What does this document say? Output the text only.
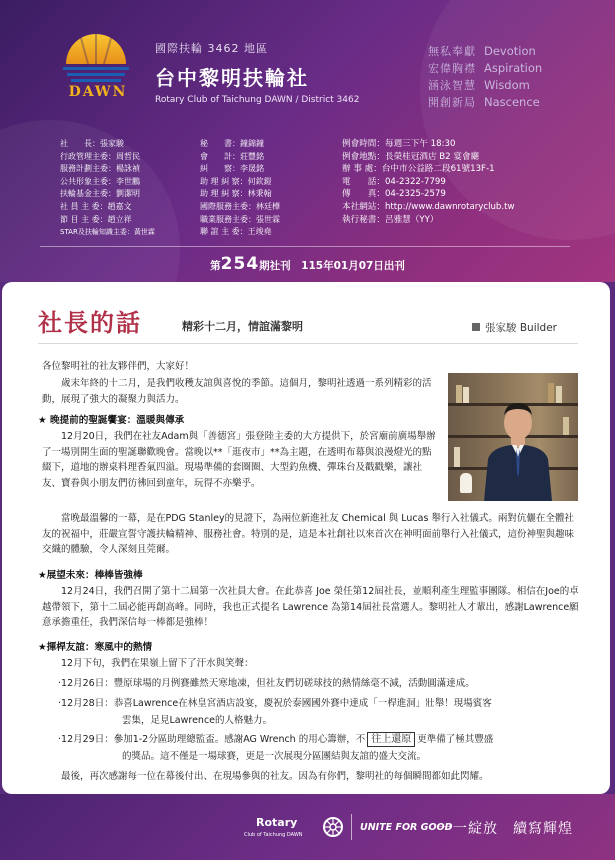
DAWN
國際扶輪 3462 地區
台中黎明扶輪社
Rotary Club of Taichung DAWN / District 3462
無私奉獻 Devotion
宏偉胸襟 Aspiration
涵泳智慧 Wisdom
開創新局 Nascence
社　　長：張家駿
行政管理主委：周哲民
服務計劃主委：楊詠禎
公共形象主委：李世鵬
扶輪基金主委：劉潔明
社 員 主 委：趙嘉文
節 目 主 委：趙立祥
STAR及扶輪知識主委：黃世霖
秘　　書：鐘錦鐘
會　　計：莊豐銘
糾　　察：李晟銘
助 理 糾 察：何欽鎧
助 理 糾 察：林秉翰
國際服務主委：林廷樺
職業服務主委：張世霖
聯 誼 主 委：王竣堯
例會時間：每週三下午 18:30
例會地點：長榮桂冠酒店 B2 宴會廳
辦 事 處：台中市公益路二段61號13F-1
電　　話：04-2322-7799
傳　　真：04-2325-2579
本社網站：http://www.dawnrotaryclub.tw
執行秘書：呂雅慧（YY）
第254期社刊　115年01月07日出刊
社長的話	精彩十二月，情誼滿黎明	張家駿 Builder
各位黎明社的社友夥伴們，大家好！
歲末年終的十二月，是我們收穫友誼與喜悅的季節。這個月，黎明社透過一系列精彩的活動，展現了強大的凝聚力與活力。
★ 晚提前的聖誕饗宴：溫暖與傳承
12月20日，我們在社友Adam與「善德宮」張登陸主委的大方提供下，於宮廟前廣場舉辦了一場別開生面的聖誕聯歡晚會。當晚以**「逛夜市」**為主題，在透明布幕與浪漫燈光的點綴下，道地的辦桌料理香氣四溢。現場準備的套圈圈、大型釣魚機、彈珠台及戳戳樂，讓社友、寶眷與小朋友們彷彿回到童年，玩得不亦樂乎。
當晚最溫馨的一幕，是在PDG Stanley的見證下，為兩位新進社友 Chemical 與 Lucas 舉行入社儀式。兩對伉儷在全體社友的祝福中，莊嚴宣誓守護扶輪精神、服務社會。特別的是，這是本社創社以來首次在神明面前舉行入社儀式，這份神聖與趣味交織的體驗，令人深刻且莞爾。
★展望未來：棒棒皆強棒
12月24日，我們召開了第十二屆第一次社員大會。在此恭喜 Joe 榮任第12屆社長，並順利產生理監事團隊。相信在Joe的卓越帶領下，第十二屆必能再創高峰。同時，我也正式提名 Lawrence 為第14屆社長當選人。黎明社人才輩出，感謝Lawrence願意承擔重任，我們深信每一棒都是強棒！
★揮桿友誼：寒風中的熱情
12月下旬，我們在果嶺上留下了汗水與笑聲：
‧12月26日：豐原球場的月例賽雖然天寒地凍，但社友們切磋球技的熱情絲毫不減，活動圓滿達成。
‧12月28日：恭喜Lawrence在林皇宮酒店設宴，慶祝於泰國國外賽中達成「一桿進洞」壯舉！現場賓客
雲集，足見Lawrence的人格魅力。
‧12月29日：參加1-2分區助理總監盃。感謝AG Wrench 的用心籌辦，不 往上還原 更準備了極其豐盛
的獎品。這不僅是一場球賽，更是一次展現分區團結與友誼的盛大交流。
最後，再次感謝每一位在幕後付出、在現場參與的社友。因為有你們，黎明社的每個瞬間都如此閃耀。
Rotary
Club of Taichung DAWN
UNITE FOR GOOD
一一綻放　續寫輝煌
